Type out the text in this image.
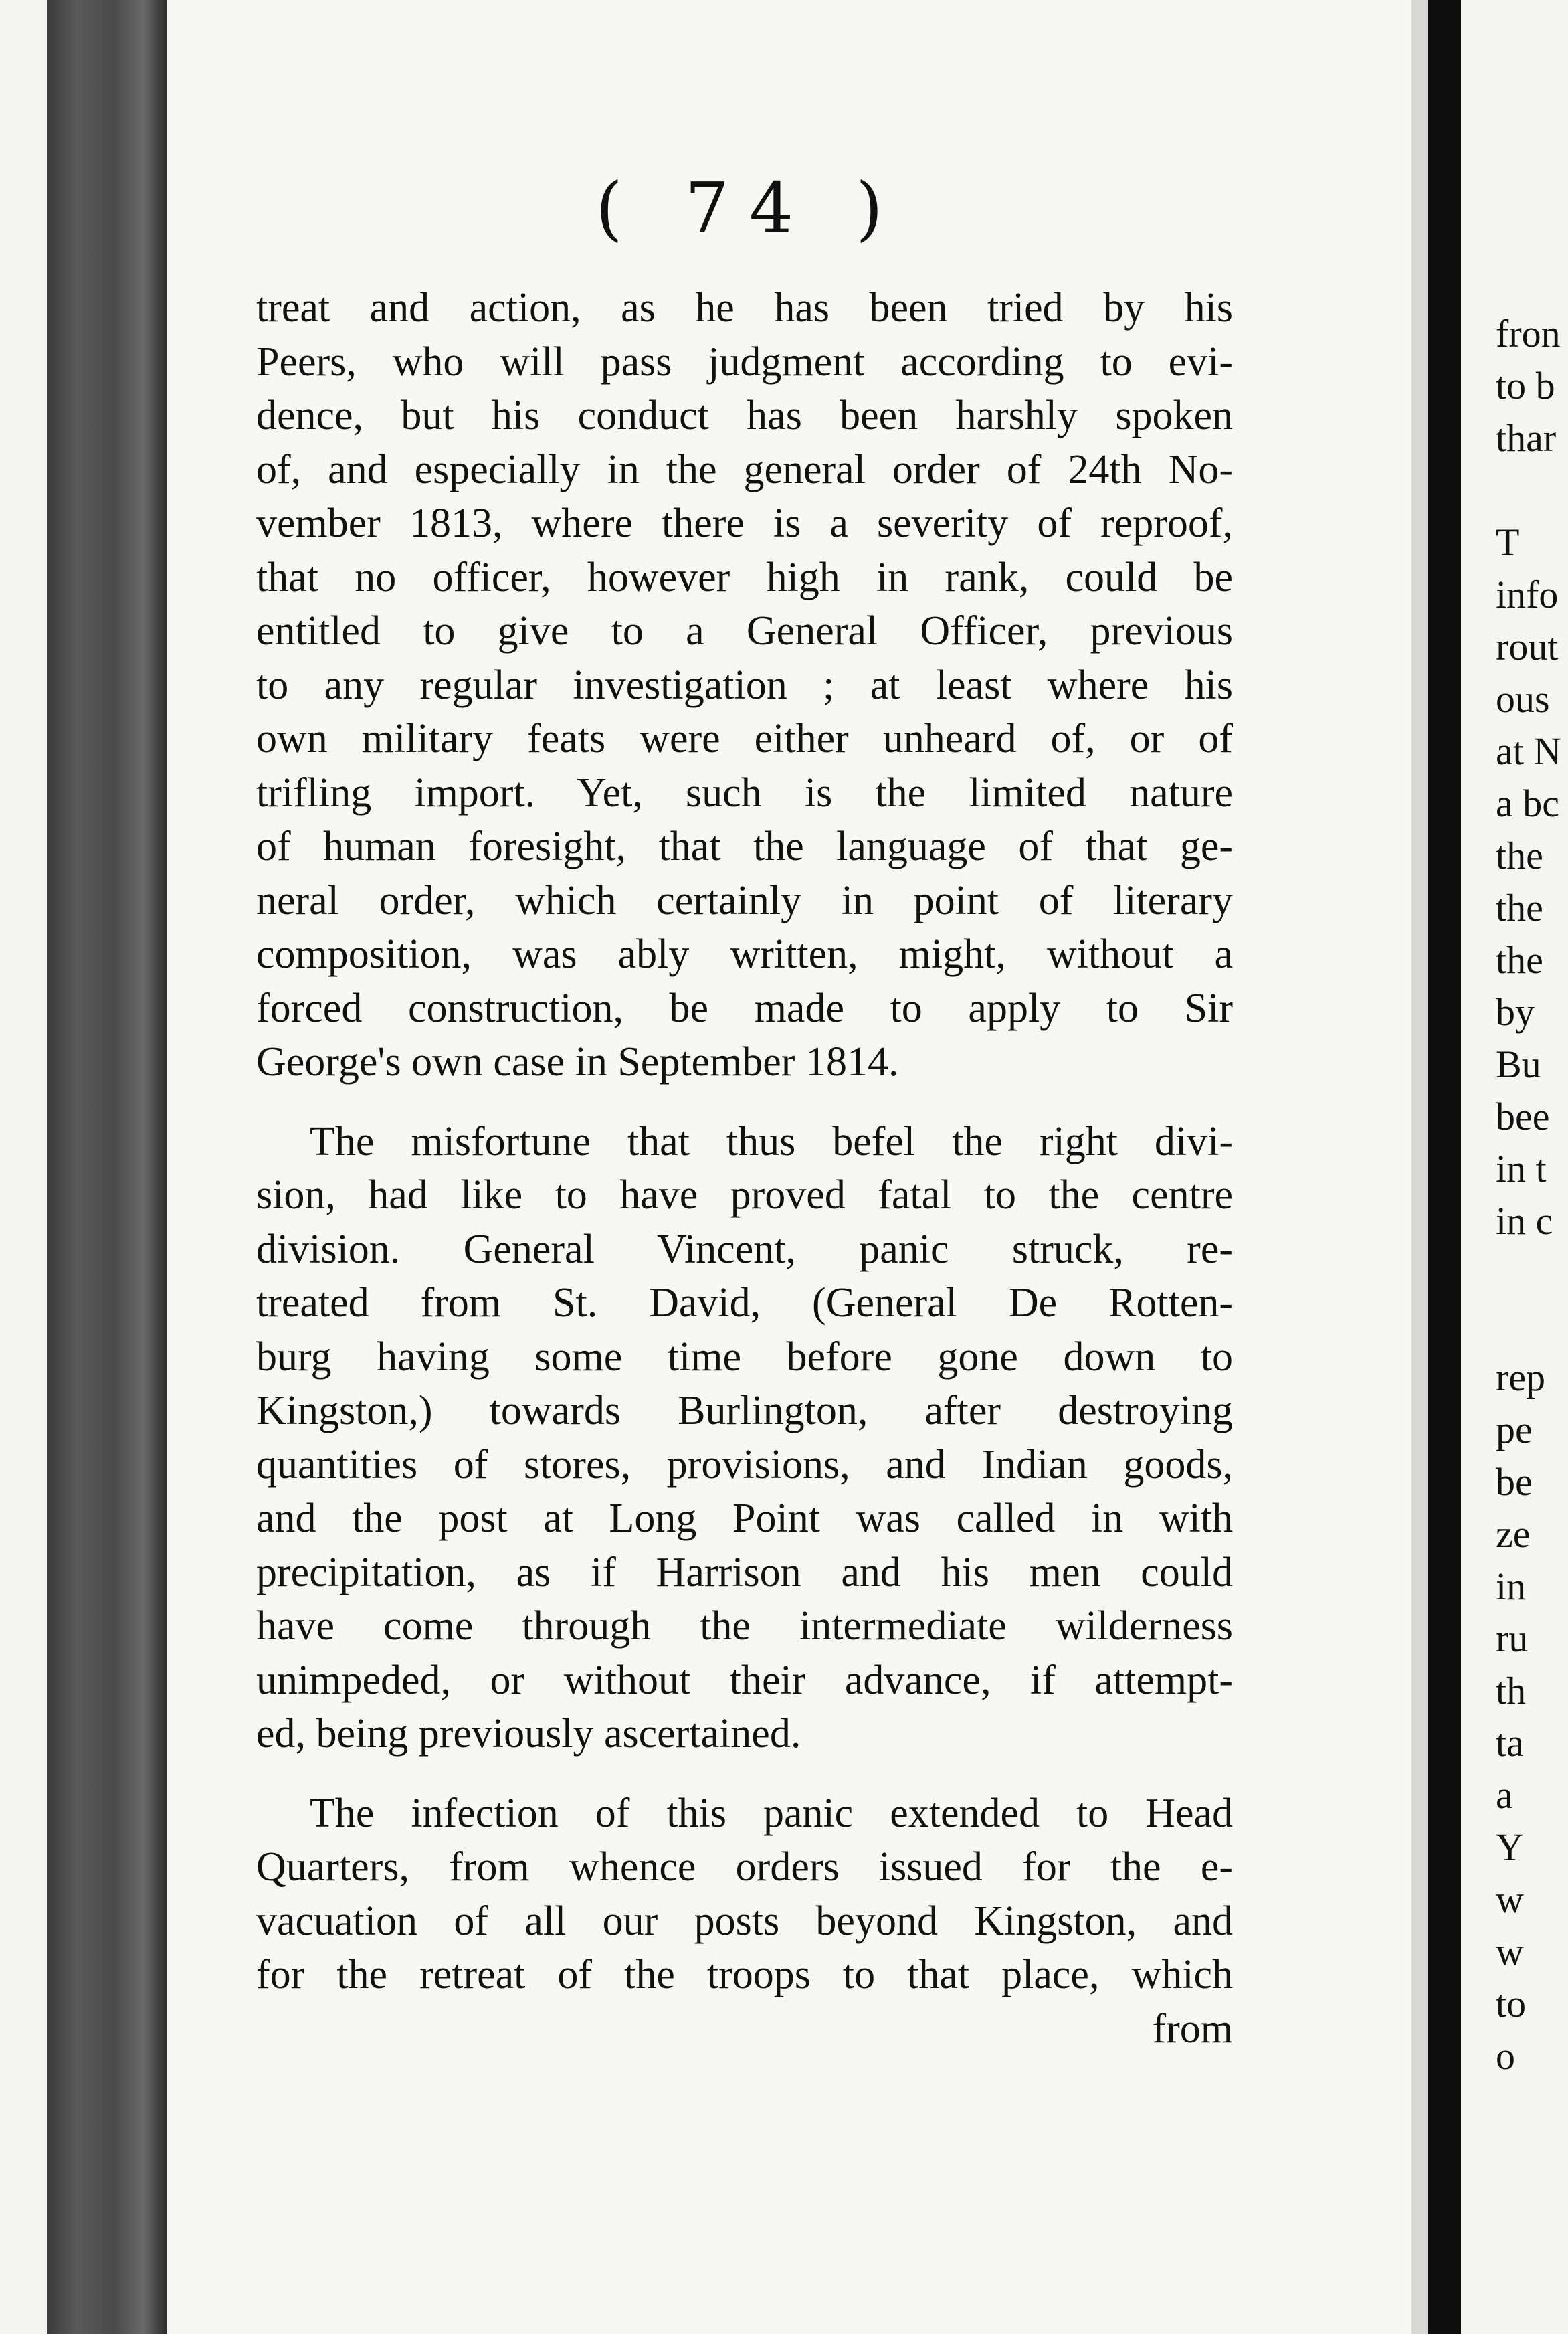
( 74 )

treat and action, as he has been tried by his
Peers, who will pass judgment according to evi-
dence, but his conduct has been harshly spoken
of, and especially in the general order of 24th No-
vember 1813, where there is a severity of reproof,
that no officer, however high in rank, could be
entitled to give to a General Officer, previous
to any regular investigation ; at least where his
own military feats were either unheard of, or of
trifling import. Yet, such is the limited nature
of human foresight, that the language of that ge-
neral order, which certainly in point of literary
composition, was ably written, might, without a
forced construction, be made to apply to Sir
George's own case in September 1814.

The misfortune that thus befel the right divi-
sion, had like to have proved fatal to the centre
division. General Vincent, panic struck, re-
treated from St. David, (General De Rotten-
burg having some time before gone down to
Kingston,) towards Burlington, after destroying
quantities of stores, provisions, and Indian goods,
and the post at Long Point was called in with
precipitation, as if Harrison and his men could
have come through the intermediate wilderness
unimpeded, or without their advance, if attempt-
ed, being previously ascertained.

The infection of this panic extended to Head
Quarters, from whence orders issued for the e-
vacuation of all our posts beyond Kingston, and
for the retreat of the troops to that place, which
from

fron
to b
thar
T
info
rout
ous
at N
a bc
the
the
the
by
Bu
bee
in t
in c
rep
pe
be
ze
in
ru
th
ta
a
Y
w
w
to
o
